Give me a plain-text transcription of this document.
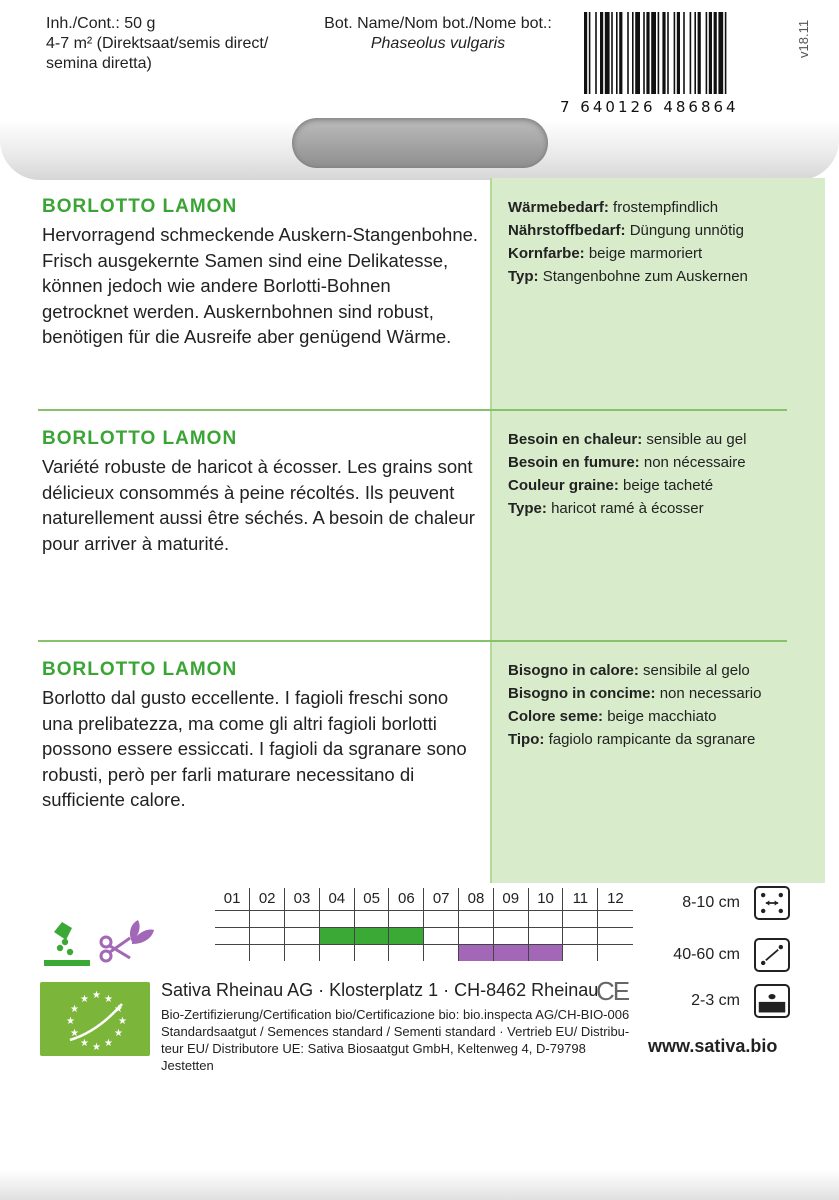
Inh./Cont.: 50 g
4-7 m² (Direktsaat/semis direct/
semina diretta)
Bot. Name/Nom bot./Nome bot.:
Phaseolus vulgaris
7 640126 486864
v18.11
BORLOTTO LAMON
Hervorragend schmeckende Auskern-Stangenbohne. Frisch ausgekernte Samen sind eine Delikatesse, können jedoch wie andere Borlotti-Bohnen getrocknet werden. Auskernbohnen sind robust, benötigen für die Ausreife aber genügend Wärme.
Wärmebedarf: frostempfindlich
Nährstoffbedarf: Düngung unnötig
Kornfarbe: beige marmoriert
Typ: Stangenbohne zum Auskernen
BORLOTTO LAMON
Variété robuste de haricot à écosser. Les grains sont délicieux consommés à peine récoltés. Ils peuvent naturellement aussi être séchés. A besoin de chaleur pour arriver à maturité.
Besoin en chaleur: sensible au gel
Besoin en fumure: non nécessaire
Couleur graine: beige tacheté
Type: haricot ramé à écosser
BORLOTTO LAMON
Borlotto dal gusto eccellente. I fagioli freschi sono una prelibatezza, ma come gli altri fagioli borlotti possono essere essiccati. I fagioli da sgranare sono robusti, però per farli maturare necessitano di sufficiente calore.
Bisogno in calore: sensibile al gelo
Bisogno in concime: non necessario
Colore seme: beige macchiato
Tipo: fagiolo rampicante da sgranare
01	02	03	04	05	06	07	08	09	10	11	12

★ ★ ★
★	★
★	★
★	★
★ ★ ★
Sativa Rheinau AG · Klosterplatz 1 · CH-8462 Rheinau
Bio-Zertifizierung/Certification bio/Certificazione bio: bio.inspecta AG/CH-BIO-006
Standardsaatgut / Semences standard / Sementi standard · Vertrieb EU/ Distribu-
teur EU/ Distributore UE: Sativa Biosaatgut GmbH, Keltenweg 4, D-79798 Jestetten
CE
8-10 cm
40-60 cm
2-3 cm
www.sativa.bio
